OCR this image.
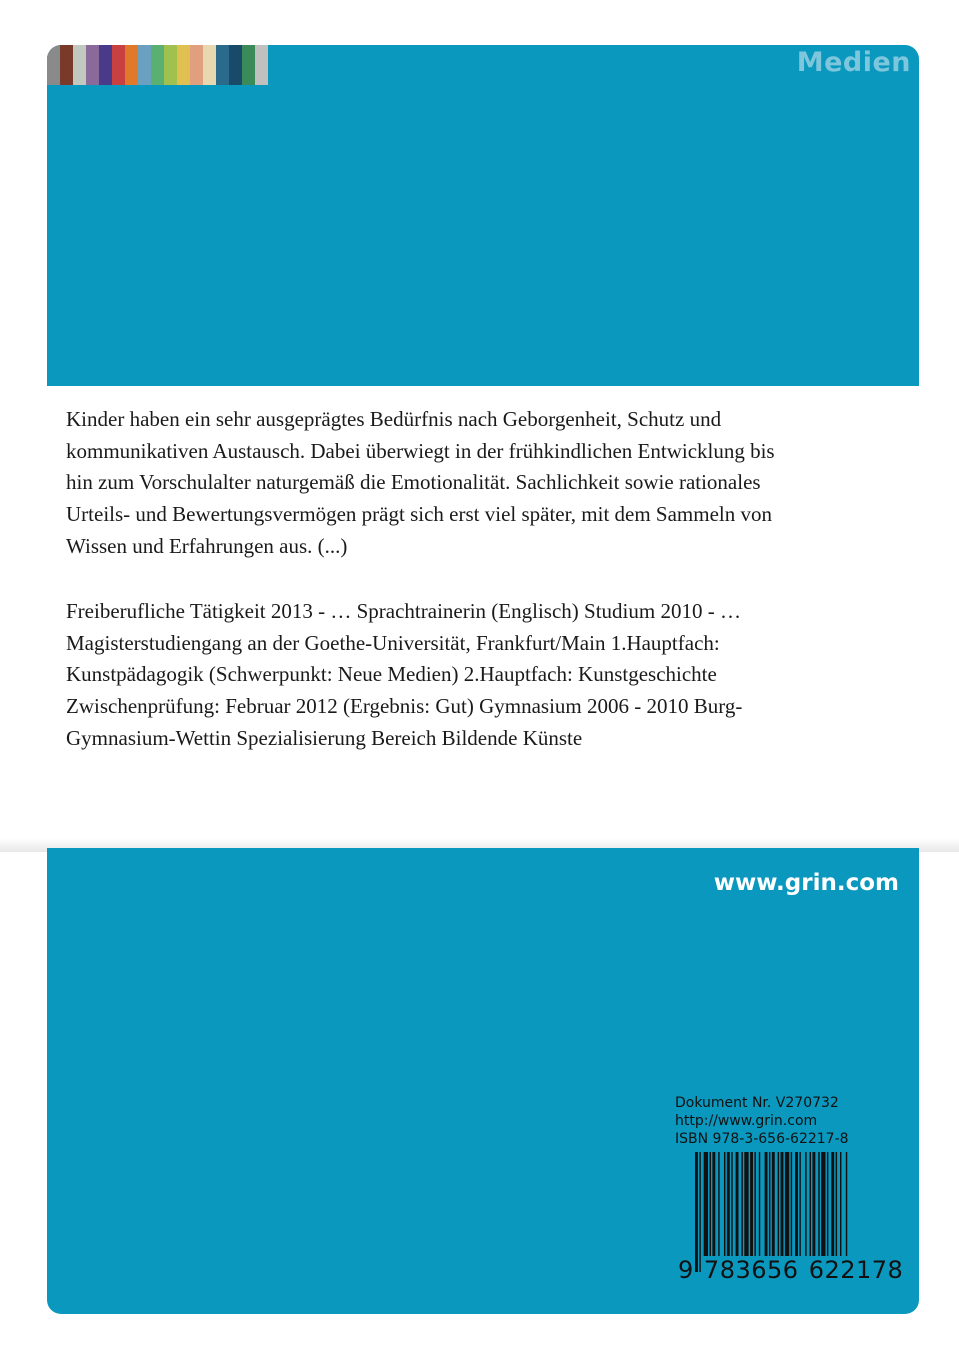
Medien

Kinder haben ein sehr ausgeprägtes Bedürfnis nach Geborgenheit, Schutz und kommunikativen Austausch. Dabei überwiegt in der frühkindlichen Entwicklung bis hin zum Vorschulalter naturgemäß die Emotionalität. Sachlichkeit sowie rationales Urteils- und Bewertungsvermögen prägt sich erst viel später, mit dem Sammeln von Wissen und Erfahrungen aus. (...)

Freiberufliche Tätigkeit 2013 - … Sprachtrainerin (Englisch) Studium 2010 - … Magisterstudiengang an der Goethe-Universität, Frankfurt/Main 1.Hauptfach: Kunstpädagogik (Schwerpunkt: Neue Medien) 2.Hauptfach: Kunstgeschichte Zwischenprüfung: Februar 2012 (Ergebnis: Gut) Gymnasium 2006 - 2010 Burg-Gymnasium-Wettin Spezialisierung Bereich Bildende Künste

www.grin.com
Dokument Nr. V270732
http://www.grin.com
ISBN 978-3-656-62217-8
9 783656 622178
